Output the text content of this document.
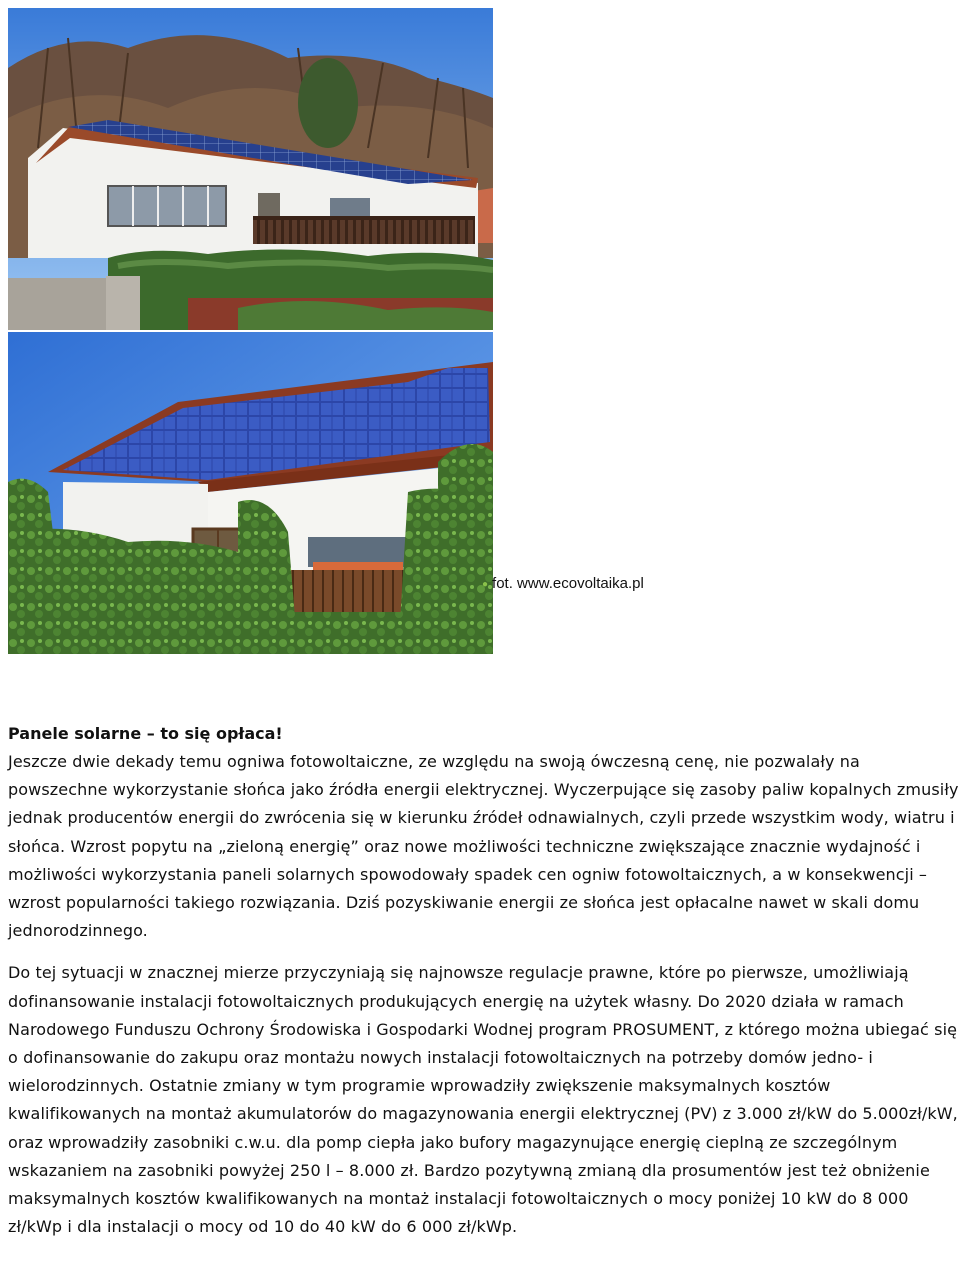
● fot. www.ecovoltaika.pl

Panele solarne – to się opłaca!

Jeszcze dwie dekady temu ogniwa fotowoltaiczne, ze względu na swoją ówczesną cenę, nie pozwalały na powszechne wykorzystanie słońca jako źródła energii elektrycznej. Wyczerpujące się zasoby paliw kopalnych zmusiły jednak producentów energii do zwrócenia się w kierunku źródeł odnawialnych, czyli przede wszystkim wody, wiatru i słońca. Wzrost popytu na „zieloną energię” oraz nowe możliwości techniczne zwiększające znacznie wydajność i możliwości wykorzystania paneli solarnych spowodowały spadek cen ogniw fotowoltaicznych, a w konsekwencji – wzrost popularności takiego rozwiązania. Dziś pozyskiwanie energii ze słońca jest opłacalne nawet w skali domu jednorodzinnego.

Do tej sytuacji w znacznej mierze przyczyniają się najnowsze regulacje prawne, które po pierwsze, umożliwiają dofinansowanie instalacji fotowoltaicznych produkujących energię na użytek własny. Do 2020 działa w ramach Narodowego Funduszu Ochrony Środowiska i Gospodarki Wodnej program PROSUMENT, z którego można ubiegać się o dofinansowanie do zakupu oraz montażu nowych instalacji fotowoltaicznych na potrzeby domów jedno- i wielorodzinnych. Ostatnie zmiany w tym programie wprowadziły zwiększenie maksymalnych kosztów kwalifikowanych na montaż akumulatorów do magazynowania energii elektrycznej (PV) z 3.000 zł/kW do 5.000zł/kW, oraz wprowadziły zasobniki c.w.u. dla pomp ciepła jako bufory magazynujące energię cieplną ze szczególnym wskazaniem na zasobniki powyżej 250 l – 8.000 zł. Bardzo pozytywną zmianą dla prosumentów jest też obniżenie maksymalnych kosztów kwalifikowanych na montaż instalacji fotowoltaicznych o mocy poniżej 10 kW do 8 000 zł/kWp i dla instalacji o mocy od 10 do 40 kW do 6 000 zł/kWp.
